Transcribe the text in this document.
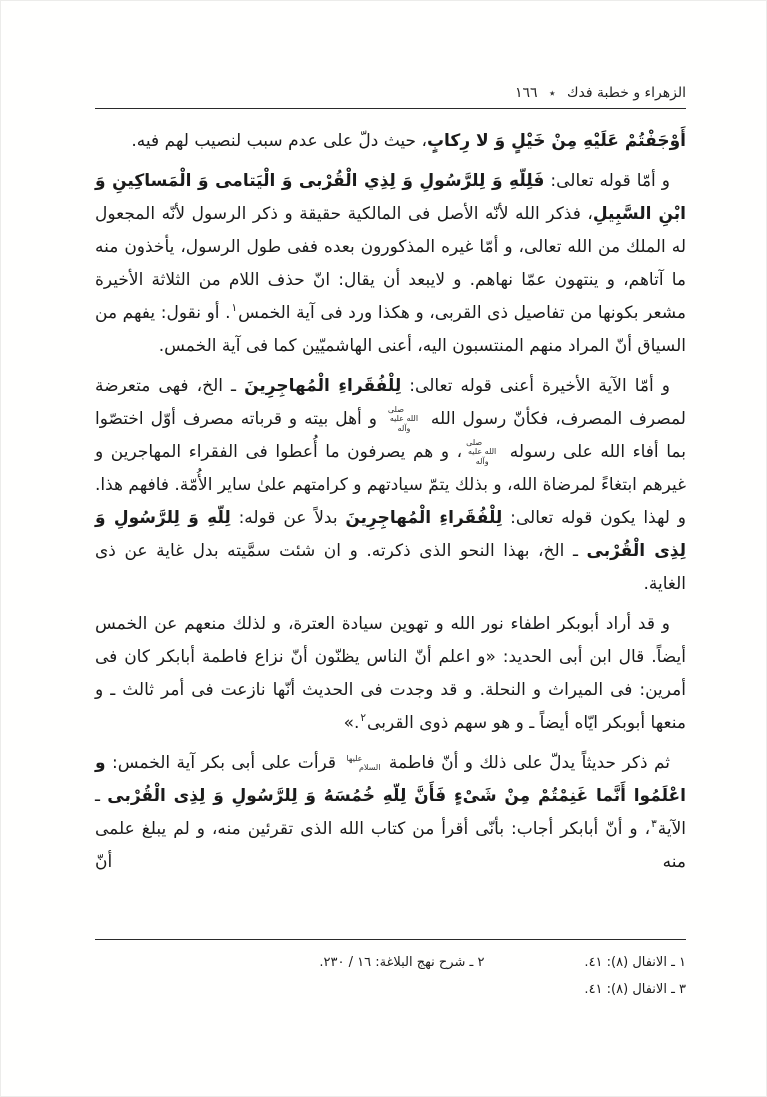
الزهراء و خطبة فدك ٭ ١٦٦

أَوْجَفْتُمْ عَلَيْهِ مِنْ خَيْلٍ وَ لا رِكابٍ، حيث دلّ على عدم سبب لنصيب لهم فيه.

و أمّا قوله تعالى: فَلِلّهِ وَ لِلرَّسُولِ وَ لِذِي الْقُرْبى وَ الْيَتامى وَ الْمَساكِينِ وَ ابْنِ السَّبِيلِ، فذكر الله لأنّه الأصل فى المالكية حقيقة و ذكر الرسول لأنّه المجعول له الملك من الله تعالى، و أمّا غيره المذكورون بعده ففى طول الرسول، يأخذون منه ما آتاهم، و ينتهون عمّا نهاهم. و لايبعد أن يقال: انّ حذف اللام من الثلاثة الأخيرة مشعر بكونها من تفاصيل ذى القربى، و هكذا ورد فى آية الخمس$^١$. أو نقول: يفهم من السياق أنّ المراد منهم المنتسبون اليه، أعنى الهاشميّين كما فى آية الخمس.

و أمّا الآية الأخيرة أعنى قوله تعالى: لِلْفُقَراءِ الْمُهاجِرِينَ ـ الخ، فهى متعرضة لمصرف المصرف، فكأنّ رسول الله صلى الله عليه وآله و أهل بيته و قرباته مصرف أوّل اختصّوا بما أفاء الله على رسوله صلى الله عليه وآله، و هم يصرفون ما أُعطوا فى الفقراء المهاجرين و غيرهم ابتغاءً لمرضاة الله، و بذلك يتمّ سيادتهم و كرامتهم علىٰ ساير الأُمّة. فافهم هذا. و لهذا يكون قوله تعالى: لِلْفُقَراءِ الْمُهاجِرِينَ بدلاً عن قوله: لِلّهِ وَ لِلرَّسُولِ وَ لِذِى الْقُرْبى ـ الخ، بهذا النحو الذى ذكرته. و ان شئت سمَّيته بدل غاية عن ذى الغاية.

و قد أراد أبوبكر اطفاء نور الله و تهوين سيادة العترة، و لذلك منعهم عن الخمس أيضاً. قال ابن أبى الحديد: «و اعلم أنّ الناس يظنّون أنّ نزاع فاطمة أبابكر كان فى أمرين: فى الميراث و النحلة. و قد وجدت فى الحديث أنّها نازعت فى أمر ثالث ـ و منعها أبوبكر ايّاه أيضاً ـ و هو سهم ذوى القربى$^٢$.»

ثم ذكر حديثاً يدلّ على ذلك و أنّ فاطمة عليها السلام قرأت على أبى بكر آية الخمس: و اعْلَمُوا أَنَّما غَنِمْتُمْ مِنْ شَىْءٍ فَأَنَّ لِلّهِ خُمُسَهُ وَ لِلرَّسُولِ وَ لِذِى الْقُرْبى ـ الآية$^٣$، و أنّ أبابكر أجاب: بأنّى أقرأ من كتاب الله الذى تقرئين منه، و لم يبلغ علمى منه أنّ

١ ـ الانفال (٨): ٤١.
٢ ـ شرح نهج البلاغة: ١٦ / ٢٣٠.
٣ ـ الانفال (٨): ٤١.
